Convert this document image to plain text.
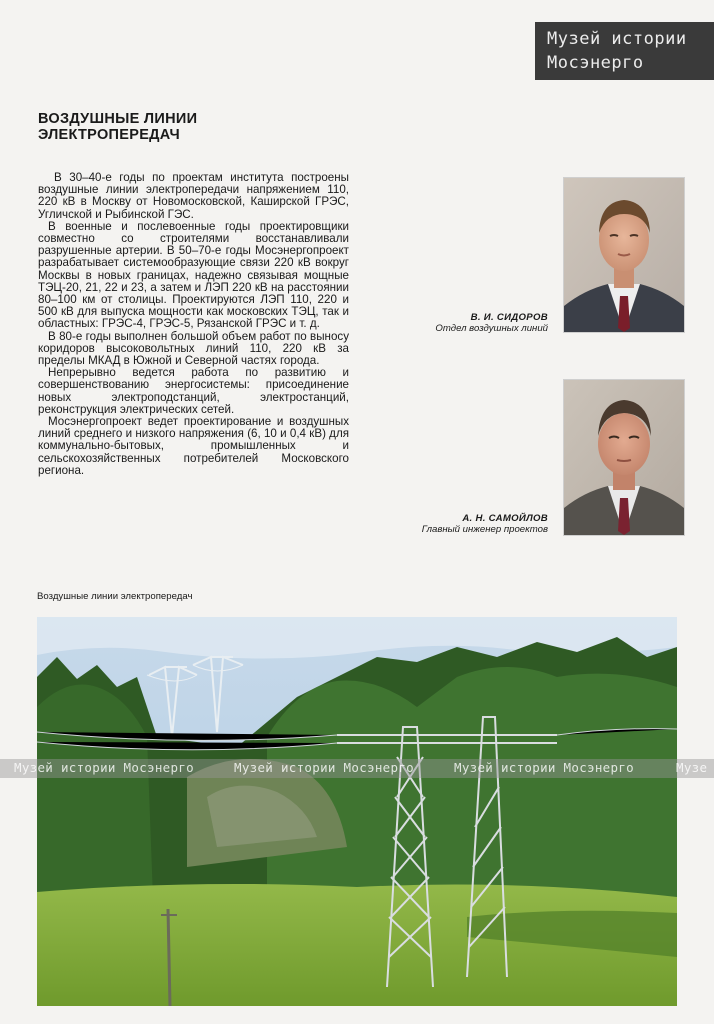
Музей истории
Мосэнерго
ВОЗДУШНЫЕ ЛИНИИ
ЭЛЕКТРОПЕРЕДАЧ

В 30–40-е годы по проектам института построены воздушные линии электропередачи напряжением 110, 220 кВ в Москву от Новомосковской, Каширской ГРЭС, Угличской и Рыбинской ГЭС.

В военные и послевоенные годы проектировщики совместно со строителями восстанавливали разрушенные артерии. В 50–70-е годы Мосэнергопроект разрабатывает системообразующие связи 220 кВ вокруг Москвы в новых границах, надежно связывая мощные ТЭЦ-20, 21, 22 и 23, а затем и ЛЭП 220 кВ на расстоянии 80–100 км от столицы. Проектируются ЛЭП 110, 220 и 500 кВ для выпуска мощности как московских ТЭЦ, так и областных: ГРЭС-4, ГРЭС-5, Рязанской ГРЭС и т. д.

В 80-е годы выполнен большой объем работ по выносу коридоров высоковольтных линий 110, 220 кВ за пределы МКАД в Южной и Северной частях города.

Непрерывно ведется работа по развитию и совершенствованию энергосистемы: присоединение новых электроподстанций, электростанций, реконструкция электрических сетей.

Мосэнергопроект ведет проектирование и воздушных линий среднего и низкого напряжения (6, 10 и 0,4 кВ) для коммунально-бытовых, промышленных и сельскохозяйственных потребителей Московского региона.

В. И. СИДОРОВ
Отдел воздушных линий
А. Н. САМОЙЛОВ
Главный инженер проектов
Воздушные линии электропередач
Музей истории Мосэнерго	Музей истории Мосэнерго	Музей истории Мосэнерго	Музе
